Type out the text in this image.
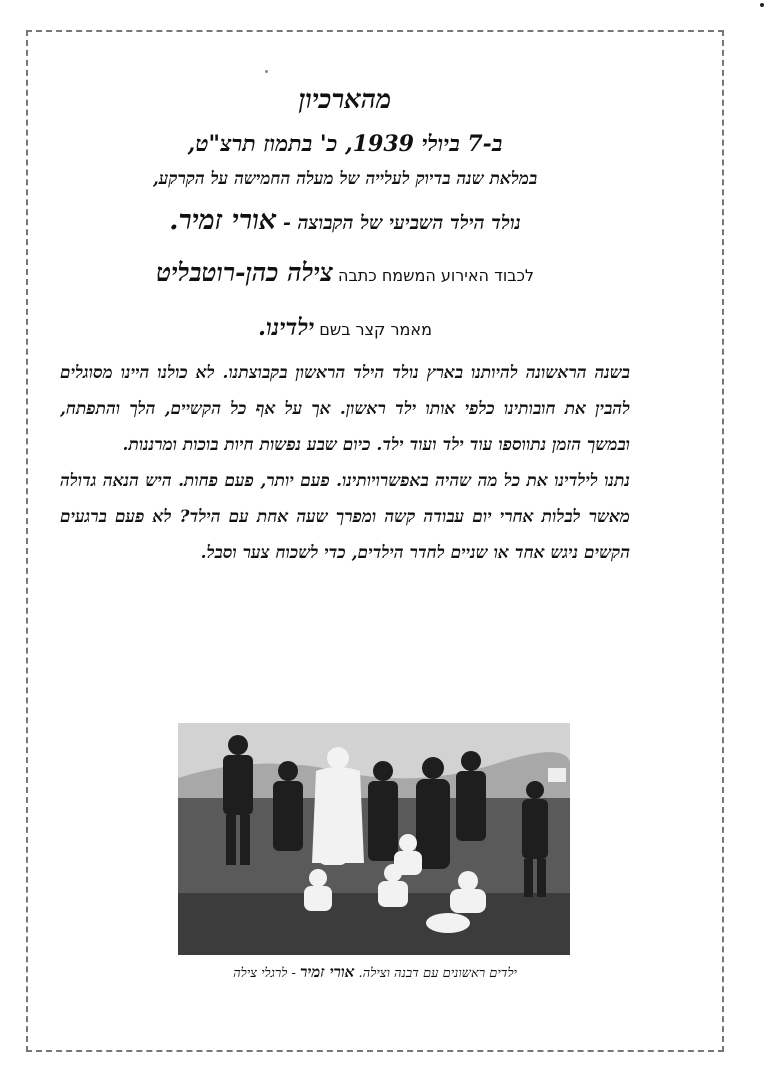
מהארכיון
ב-7 ביולי 1939, כ' בתמוז תרצ"ט,
במלאת שנה בדיוק לעלייה של מעלה החמישה על הקרקע,
נולד הילד השביעי של הקבוצה - אורי זמיר.
לכבוד האירוע המשמח כתבה צילה כהן-רוטבליט
מאמר קצר בשם ילדינו.

בשנה הראשונה להיותנו בארץ נולד הילד הראשון בקבוצתנו. לא כולנו היינו מסוגלים להבין את חובותינו כלפי אותו ילד ראשון. אך על אף כל הקשיים, הלך והתפתח, ובמשך הזמן נתווספו עוד ילד ועוד ילד. כיום שבע נפשות חיות בוכות ומרננות.

נתנו לילדינו את כל מה שהיה באפשרויותינו. פעם יותר, פעם פחות. היש הנאה גדולה מאשר לבלות אחרי יום עבודה קשה ומפרך שעה אחת עם הילד? לא פעם ברגעים הקשים ניגש אחד או שניים לחדר הילדים, כדי לשכוח צער וסבל.

ילדים ראשונים עם דבנה וצילה. אורי זמיר - לרגלי צילה
